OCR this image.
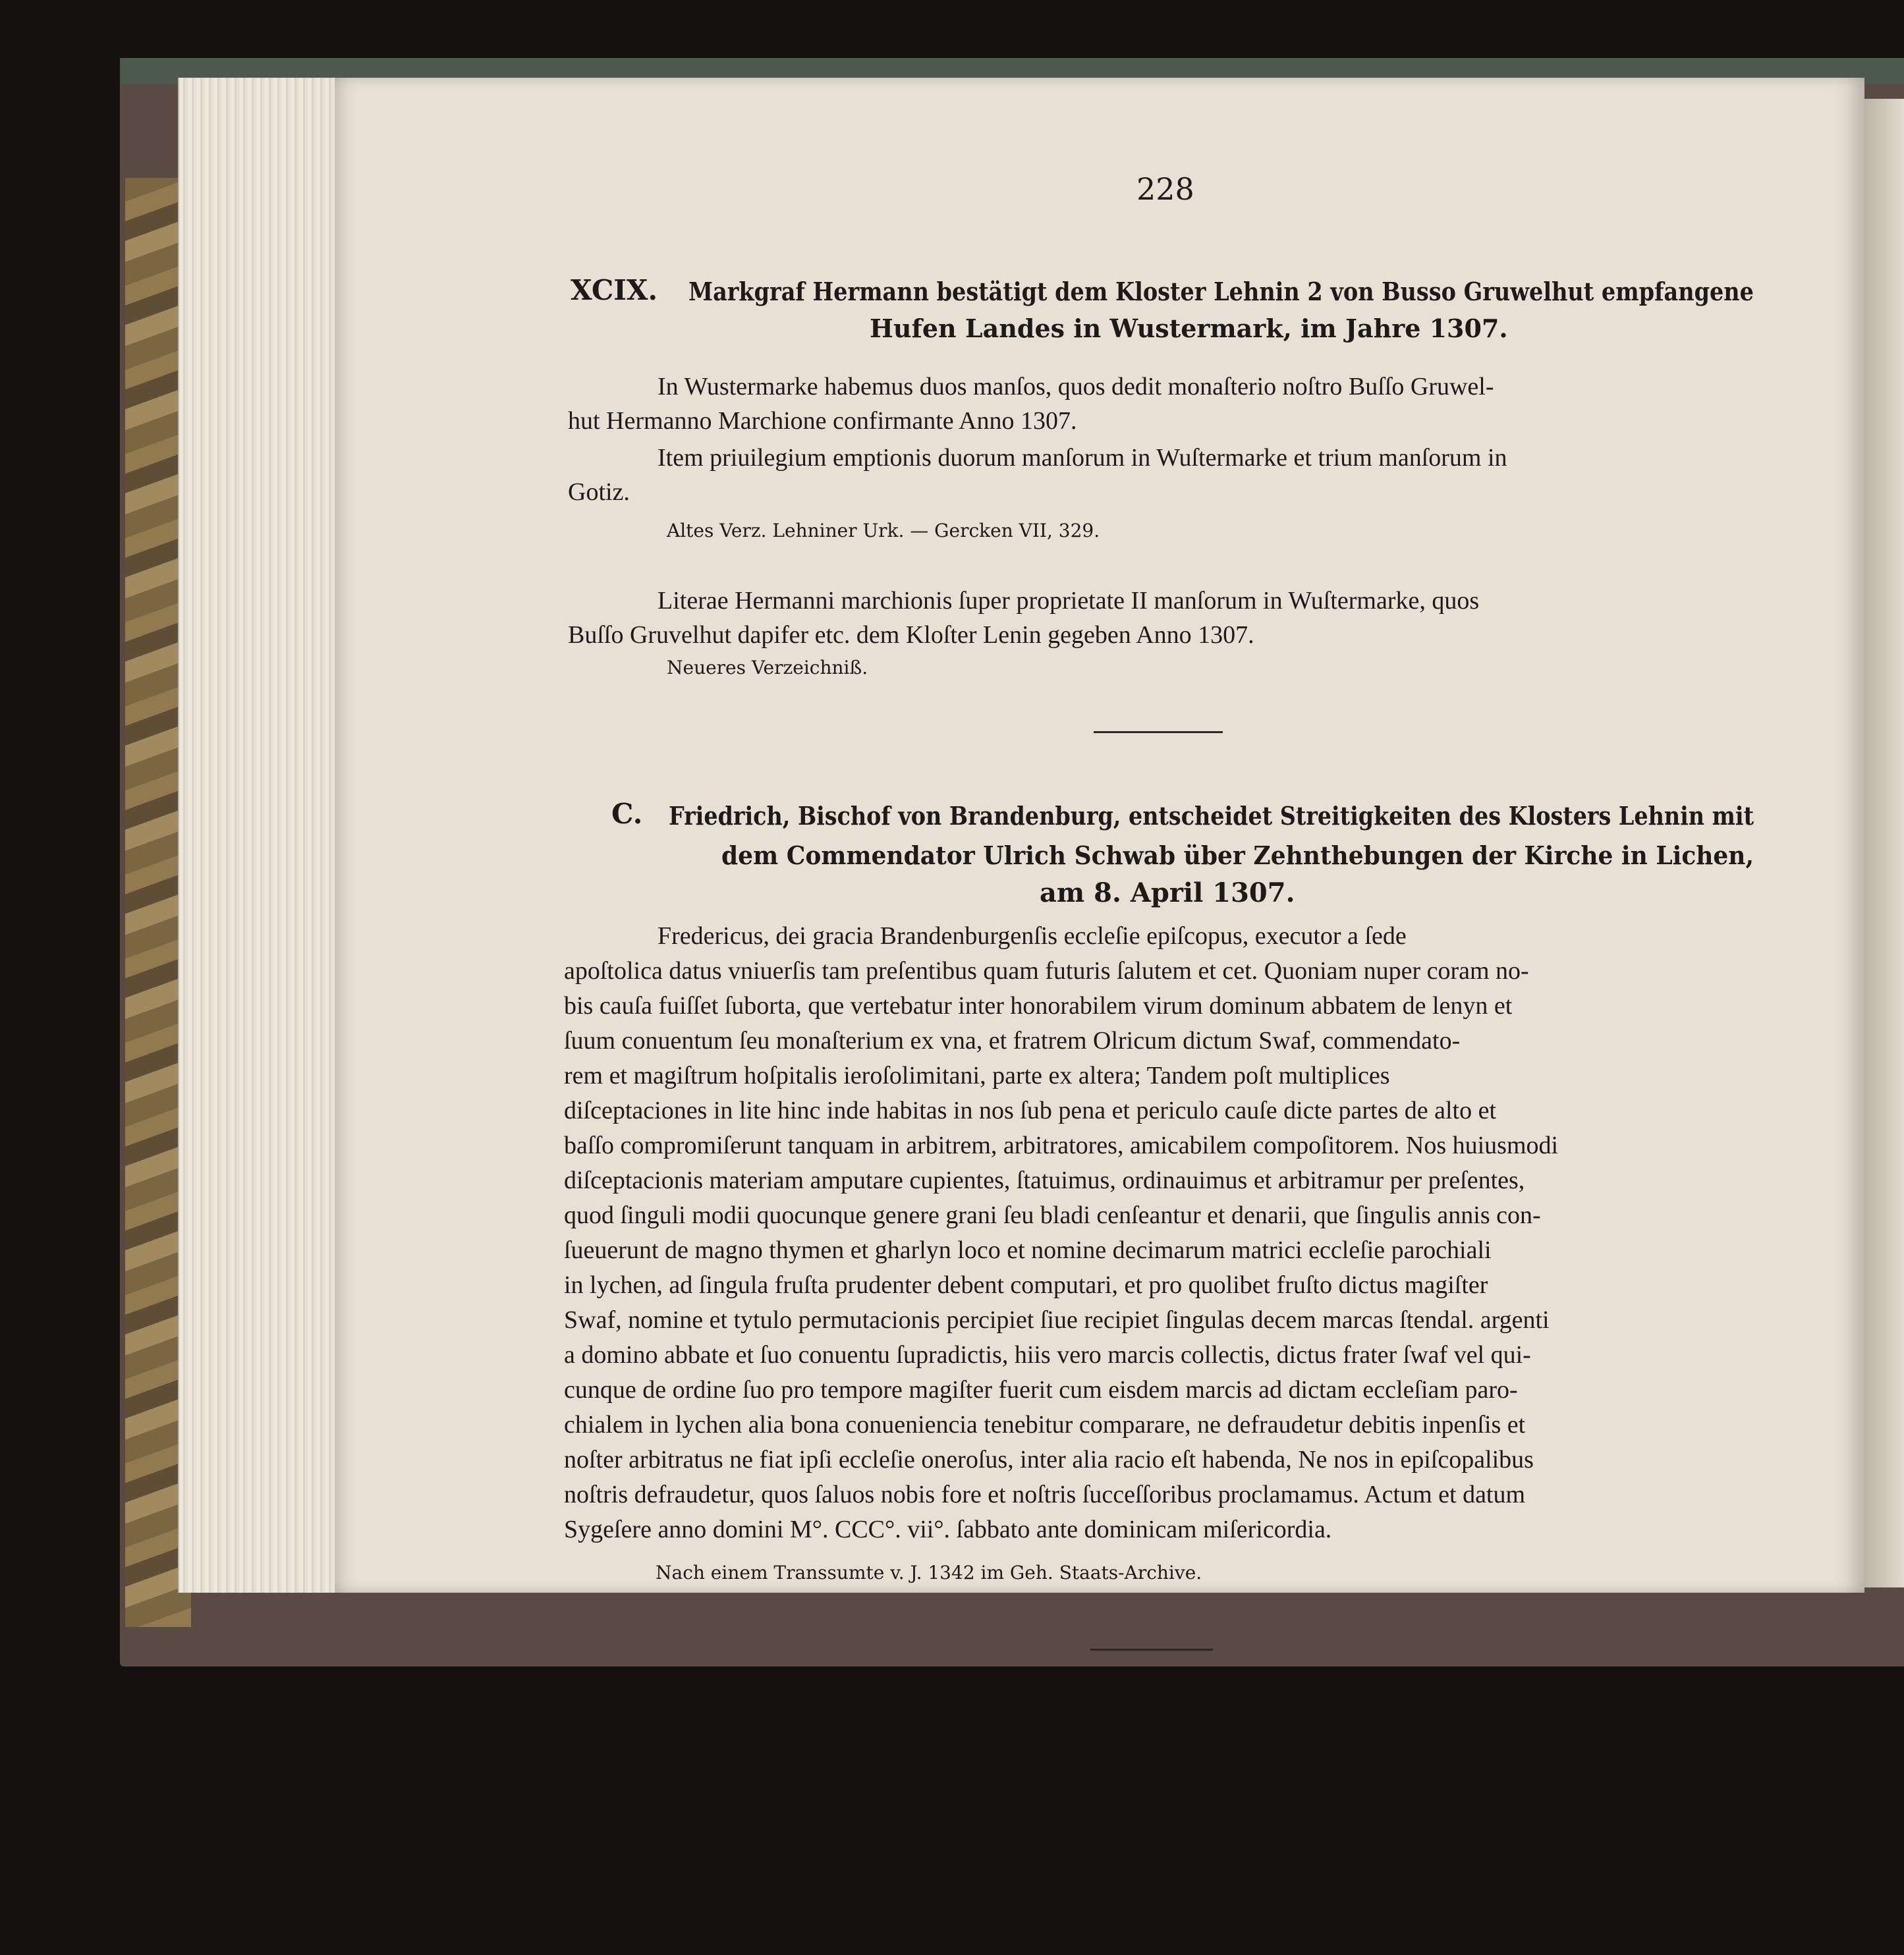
228
XCIX. Markgraf Hermann bestätigt dem Kloster Lehnin 2 von Busso Gruwelhut empfangene
Hufen Landes in Wustermark, im Jahre 1307.
In Wustermarke habemus duos manſos, quos dedit monaſterio noſtro Buſſo Gruwel-
hut Hermanno Marchione confirmante Anno 1307.
Item priuilegium emptionis duorum manſorum in Wuſtermarke et trium manſorum in
Gotiz.
Altes Verz. Lehniner Urk. — Gercken VII, 329.
Literae Hermanni marchionis ſuper proprietate II manſorum in Wuſtermarke, quos
Buſſo Gruvelhut dapifer etc. dem Kloſter Lenin gegeben Anno 1307.
Neueres Verzeichniß.
C. Friedrich, Bischof von Brandenburg, entscheidet Streitigkeiten des Klosters Lehnin mit
dem Commendator Ulrich Schwab über Zehnthebungen der Kirche in Lichen,
am 8. April 1307.
Fredericus, dei gracia Brandenburgenſis eccleſie epiſcopus, executor a ſede
apoſtolica datus vniuerſis tam preſentibus quam futuris ſalutem et cet. Quoniam nuper coram no-
bis cauſa fuiſſet ſuborta, que vertebatur inter honorabilem virum dominum abbatem de lenyn et
ſuum conuentum ſeu monaſterium ex vna, et fratrem Olricum dictum Swaf, commendato-
rem et magiſtrum hoſpitalis ieroſolimitani, parte ex altera; Tandem poſt multiplices
diſceptaciones in lite hinc inde habitas in nos ſub pena et periculo cauſe dicte partes de alto et
baſſo compromiſerunt tanquam in arbitrem, arbitratores, amicabilem compoſitorem. Nos huiusmodi
diſceptacionis materiam amputare cupientes, ſtatuimus, ordinauimus et arbitramur per preſentes,
quod ſinguli modii quocunque genere grani ſeu bladi cenſeantur et denarii, que ſingulis annis con-
ſueuerunt de magno thymen et gharlyn loco et nomine decimarum matrici eccleſie parochiali
in lychen, ad ſingula fruſta prudenter debent computari, et pro quolibet fruſto dictus magiſter
Swaf, nomine et tytulo permutacionis percipiet ſiue recipiet ſingulas decem marcas ſtendal. argenti
a domino abbate et ſuo conuentu ſupradictis, hiis vero marcis collectis, dictus frater ſwaf vel qui-
cunque de ordine ſuo pro tempore magiſter fuerit cum eisdem marcis ad dictam eccleſiam paro-
chialem in lychen alia bona conueniencia tenebitur comparare, ne defraudetur debitis inpenſis et
noſter arbitratus ne fiat ipſi eccleſie oneroſus, inter alia racio eſt habenda, Ne nos in epiſcopalibus
noſtris defraudetur, quos ſaluos nobis fore et noſtris ſucceſſoribus proclamamus. Actum et datum
Sygeſere anno domini M°. CCC°. vii°. ſabbato ante dominicam miſericordia.
Nach einem Transsumte v. J. 1342 im Geh. Staats-Archive.
